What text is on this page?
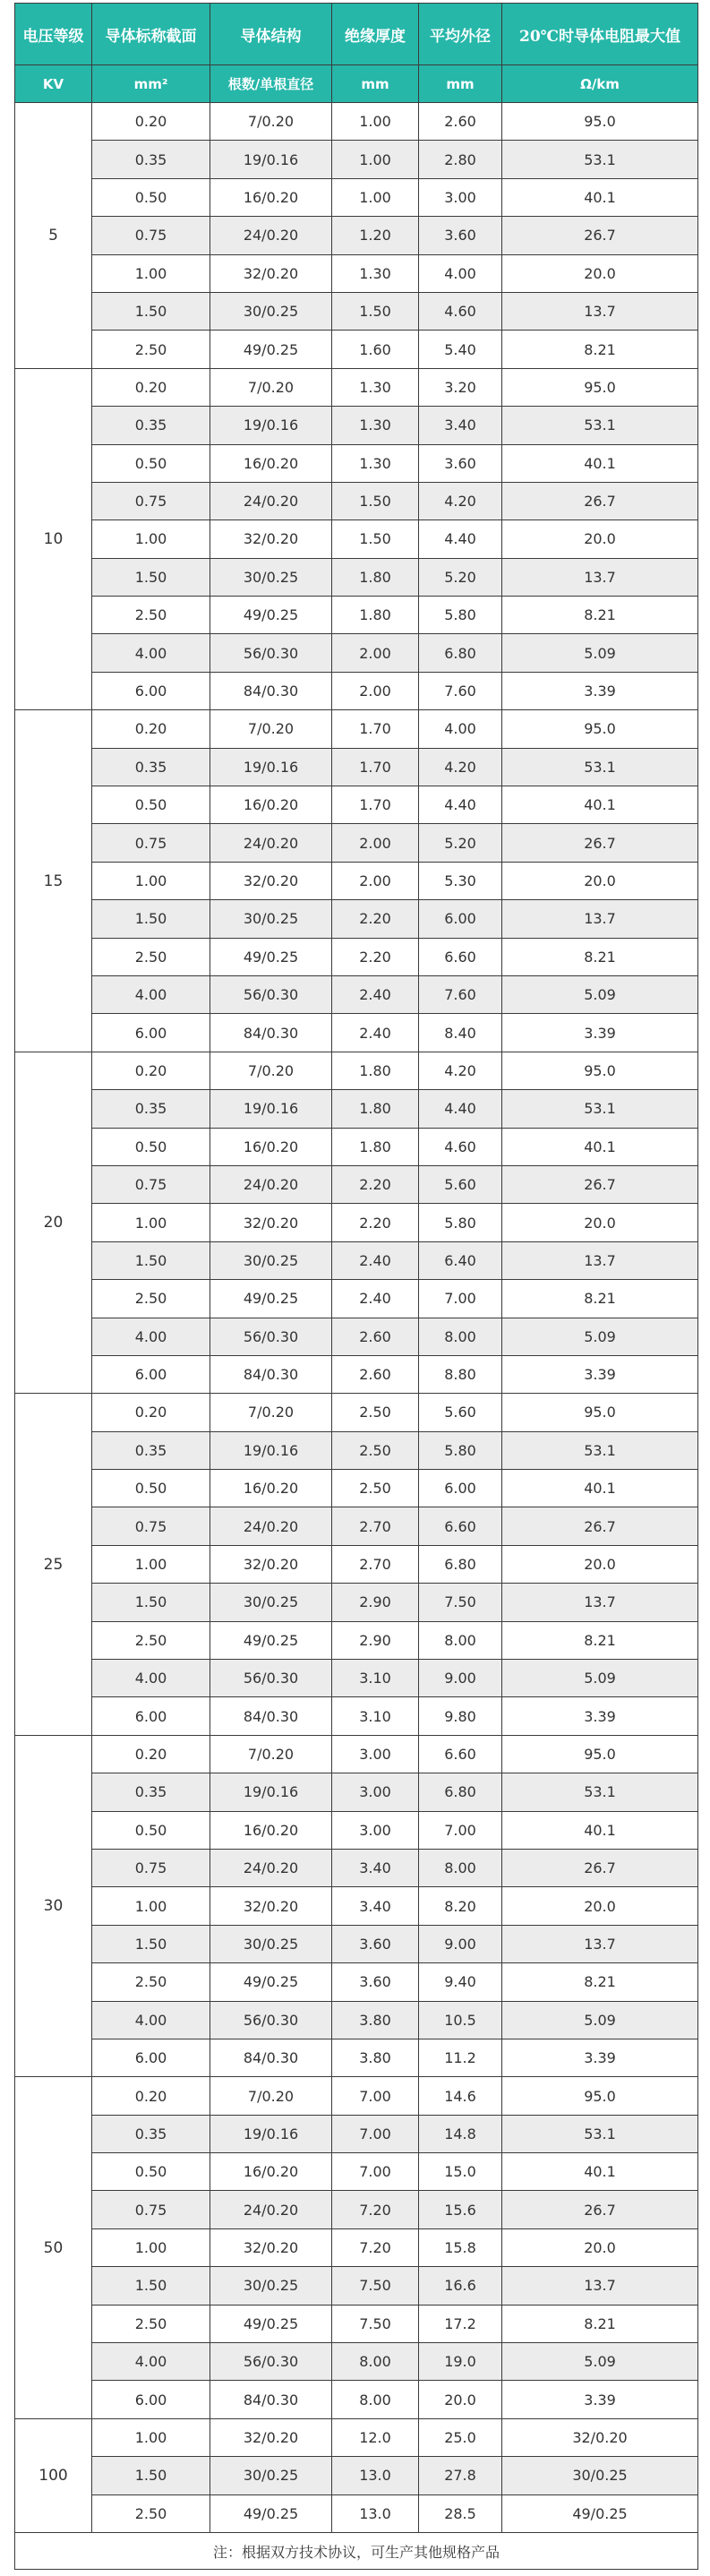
电压等级	导体标称截面	导体结构	绝缘厚度	平均外径	20℃时导体电阻最大值
KV	mm²	根数/单根直径	mm	mm	Ω/km
5	0.20	7/0.20	1.00	2.60	95.0
	0.35	19/0.16	1.00	2.80	53.1
	0.50	16/0.20	1.00	3.00	40.1
	0.75	24/0.20	1.20	3.60	26.7
	1.00	32/0.20	1.30	4.00	20.0
	1.50	30/0.25	1.50	4.60	13.7
	2.50	49/0.25	1.60	5.40	8.21
10	0.20	7/0.20	1.30	3.20	95.0
	0.35	19/0.16	1.30	3.40	53.1
	0.50	16/0.20	1.30	3.60	40.1
	0.75	24/0.20	1.50	4.20	26.7
	1.00	32/0.20	1.50	4.40	20.0
	1.50	30/0.25	1.80	5.20	13.7
	2.50	49/0.25	1.80	5.80	8.21
	4.00	56/0.30	2.00	6.80	5.09
	6.00	84/0.30	2.00	7.60	3.39
15	0.20	7/0.20	1.70	4.00	95.0
	0.35	19/0.16	1.70	4.20	53.1
	0.50	16/0.20	1.70	4.40	40.1
	0.75	24/0.20	2.00	5.20	26.7
	1.00	32/0.20	2.00	5.30	20.0
	1.50	30/0.25	2.20	6.00	13.7
	2.50	49/0.25	2.20	6.60	8.21
	4.00	56/0.30	2.40	7.60	5.09
	6.00	84/0.30	2.40	8.40	3.39
20	0.20	7/0.20	1.80	4.20	95.0
	0.35	19/0.16	1.80	4.40	53.1
	0.50	16/0.20	1.80	4.60	40.1
	0.75	24/0.20	2.20	5.60	26.7
	1.00	32/0.20	2.20	5.80	20.0
	1.50	30/0.25	2.40	6.40	13.7
	2.50	49/0.25	2.40	7.00	8.21
	4.00	56/0.30	2.60	8.00	5.09
	6.00	84/0.30	2.60	8.80	3.39
25	0.20	7/0.20	2.50	5.60	95.0
	0.35	19/0.16	2.50	5.80	53.1
	0.50	16/0.20	2.50	6.00	40.1
	0.75	24/0.20	2.70	6.60	26.7
	1.00	32/0.20	2.70	6.80	20.0
	1.50	30/0.25	2.90	7.50	13.7
	2.50	49/0.25	2.90	8.00	8.21
	4.00	56/0.30	3.10	9.00	5.09
	6.00	84/0.30	3.10	9.80	3.39
30	0.20	7/0.20	3.00	6.60	95.0
	0.35	19/0.16	3.00	6.80	53.1
	0.50	16/0.20	3.00	7.00	40.1
	0.75	24/0.20	3.40	8.00	26.7
	1.00	32/0.20	3.40	8.20	20.0
	1.50	30/0.25	3.60	9.00	13.7
	2.50	49/0.25	3.60	9.40	8.21
	4.00	56/0.30	3.80	10.5	5.09
	6.00	84/0.30	3.80	11.2	3.39
50	0.20	7/0.20	7.00	14.6	95.0
	0.35	19/0.16	7.00	14.8	53.1
	0.50	16/0.20	7.00	15.0	40.1
	0.75	24/0.20	7.20	15.6	26.7
	1.00	32/0.20	7.20	15.8	20.0
	1.50	30/0.25	7.50	16.6	13.7
	2.50	49/0.25	7.50	17.2	8.21
	4.00	56/0.30	8.00	19.0	5.09
	6.00	84/0.30	8.00	20.0	3.39
100	1.00	32/0.20	12.0	25.0	32/0.20
	1.50	30/0.25	13.0	27.8	30/0.25
	2.50	49/0.25	13.0	28.5	49/0.25
注：根据双方技术协议，可生产其他规格产品					
